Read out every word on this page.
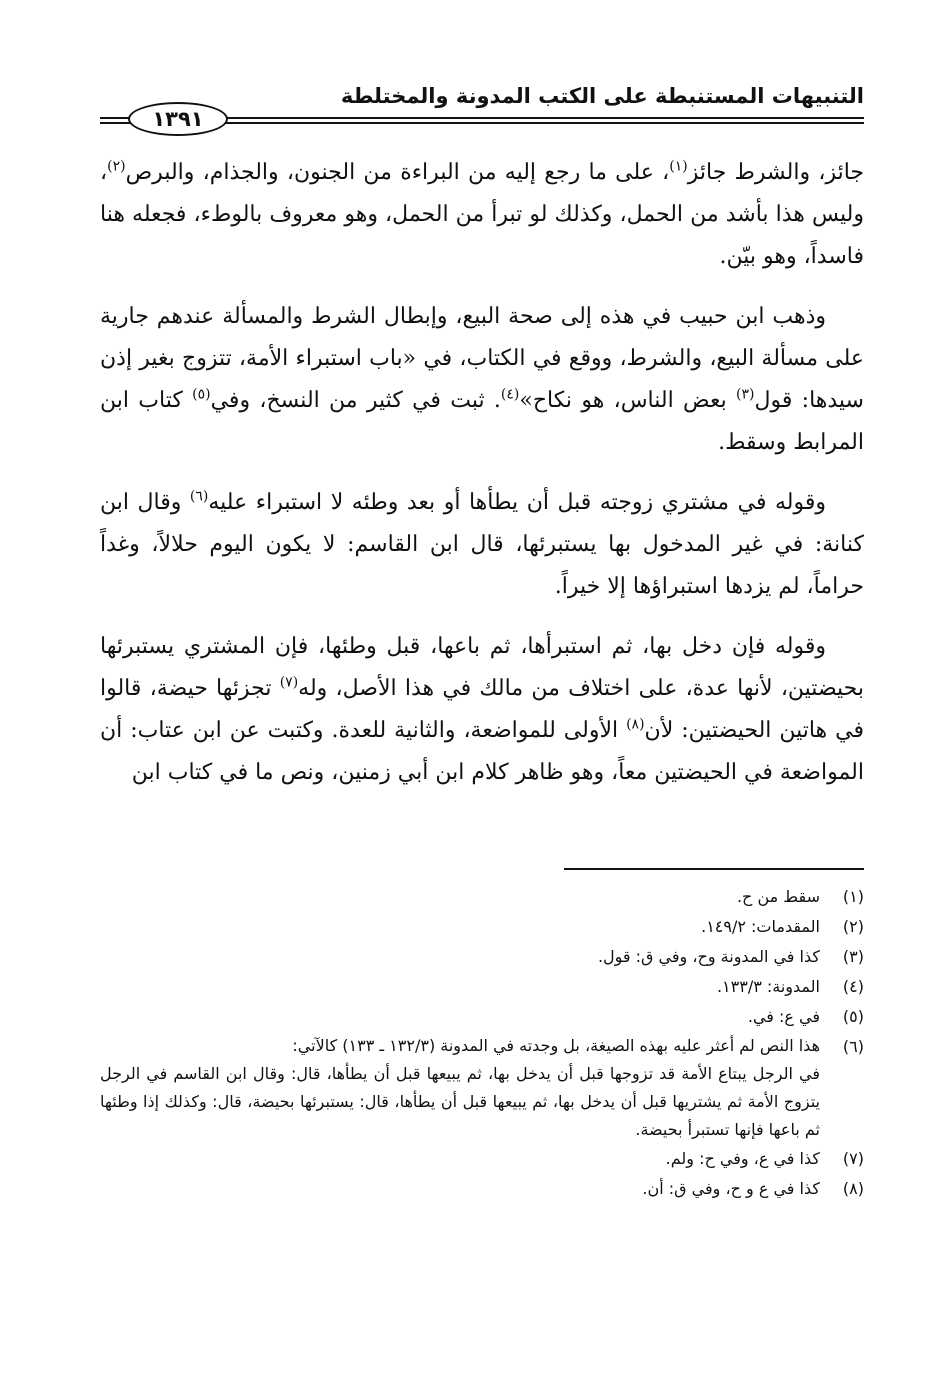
التنبيهات المستنبطة على الكتب المدونة والمختلطة
١٣٩١

جائز، والشرط جائز$^{(١)}$، على ما رجع إليه من البراءة من الجنون، والجذام، والبرص$^{(٢)}$، وليس هذا بأشد من الحمل، وكذلك لو تبرأ من الحمل، وهو معروف بالوطء، فجعله هنا فاسداً، وهو بيّن.

وذهب ابن حبيب في هذه إلى صحة البيع، وإبطال الشرط والمسألة عندهم جارية على مسألة البيع، والشرط، ووقع في الكتاب، في «باب استبراء الأمة، تتزوج بغير إذن سيدها: قول$^{(٣)}$ بعض الناس، هو نكاح»$^{(٤)}$. ثبت في كثير من النسخ، وفي$^{(٥)}$ كتاب ابن المرابط وسقط.

وقوله في مشتري زوجته قبل أن يطأها أو بعد وطئه لا استبراء عليه$^{(٦)}$ وقال ابن كنانة: في غير المدخول بها يستبرئها، قال ابن القاسم: لا يكون اليوم حلالاً، وغداً حراماً، لم يزدها استبراؤها إلا خيراً.

وقوله فإن دخل بها، ثم استبرأها، ثم باعها، قبل وطئها، فإن المشتري يستبرئها بحيضتين، لأنها عدة، على اختلاف من مالك في هذا الأصل، وله$^{(٧)}$ تجزئها حيضة، قالوا في هاتين الحيضتين: لأن$^{(٨)}$ الأولى للمواضعة، والثانية للعدة. وكتبت عن ابن عتاب: أن المواضعة في الحيضتين معاً، وهو ظاهر كلام ابن أبي زمنين، ونص ما في كتاب ابن

(١)
سقط من ح.
(٢)
المقدمات: ١٤٩/٢.
(٣)
كذا في المدونة وح، وفي ق: قول.
(٤)
المدونة: ١٣٣/٣.
(٥)
في ع: في.
(٦)
هذا النص لم أعثر عليه بهذه الصيغة، بل وجدته في المدونة (١٣٢/٣ ـ ١٣٣) كالآتي:
في الرجل يبتاع الأمة قد تزوجها قبل أن يدخل بها، ثم يبيعها قبل أن يطأها، قال: وقال ابن القاسم في الرجل يتزوج الأمة ثم يشتريها قبل أن يدخل بها، ثم يبيعها قبل أن يطأها، قال: يستبرئها بحيضة، قال: وكذلك إذا وطئها ثم باعها فإنها تستبرأ بحيضة.
(٧)
كذا في ع، وفي ح: ولم.
(٨)
كذا في ع و ح، وفي ق: أن.
